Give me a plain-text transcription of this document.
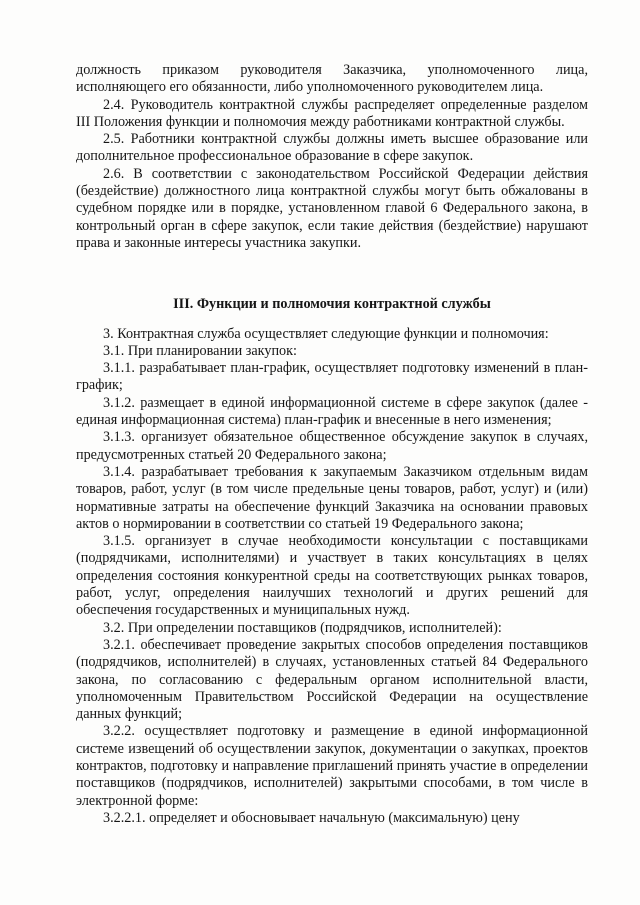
должность приказом руководителя Заказчика, уполномоченного лица, исполняющего его обязанности, либо уполномоченного руководителем лица.

2.4. Руководитель контрактной службы распределяет определенные разделом III Положения функции и полномочия между работниками контрактной службы.

2.5. Работники контрактной службы должны иметь высшее образование или дополнительное профессиональное образование в сфере закупок.

2.6. В соответствии с законодательством Российской Федерации действия (бездействие) должностного лица контрактной службы могут быть обжалованы в судебном порядке или в порядке, установленном главой 6 Федерального закона, в контрольный орган в сфере закупок, если такие действия (бездействие) нарушают права и законные интересы участника закупки.

III. Функции и полномочия контрактной службы

3. Контрактная служба осуществляет следующие функции и полномочия:

3.1. При планировании закупок:

3.1.1. разрабатывает план-график, осуществляет подготовку изменений в план-график;

3.1.2. размещает в единой информационной системе в сфере закупок (далее - единая информационная система) план-график и внесенные в него изменения;

3.1.3. организует обязательное общественное обсуждение закупок в случаях, предусмотренных статьей 20 Федерального закона;

3.1.4. разрабатывает требования к закупаемым Заказчиком отдельным видам товаров, работ, услуг (в том числе предельные цены товаров, работ, услуг) и (или) нормативные затраты на обеспечение функций Заказчика на основании правовых актов о нормировании в соответствии со статьей 19 Федерального закона;

3.1.5. организует в случае необходимости консультации с поставщиками (подрядчиками, исполнителями) и участвует в таких консультациях в целях определения состояния конкурентной среды на соответствующих рынках товаров, работ, услуг, определения наилучших технологий и других решений для обеспечения государственных и муниципальных нужд.

3.2. При определении поставщиков (подрядчиков, исполнителей):

3.2.1. обеспечивает проведение закрытых способов определения поставщиков (подрядчиков, исполнителей) в случаях, установленных статьей 84 Федерального закона, по согласованию с федеральным органом исполнительной власти, уполномоченным Правительством Российской Федерации на осуществление данных функций;

3.2.2. осуществляет подготовку и размещение в единой информационной системе извещений об осуществлении закупок, документации о закупках, проектов контрактов, подготовку и направление приглашений принять участие в определении поставщиков (подрядчиков, исполнителей) закрытыми способами, в том числе в электронной форме:

3.2.2.1. определяет и обосновывает начальную (максимальную) цену
